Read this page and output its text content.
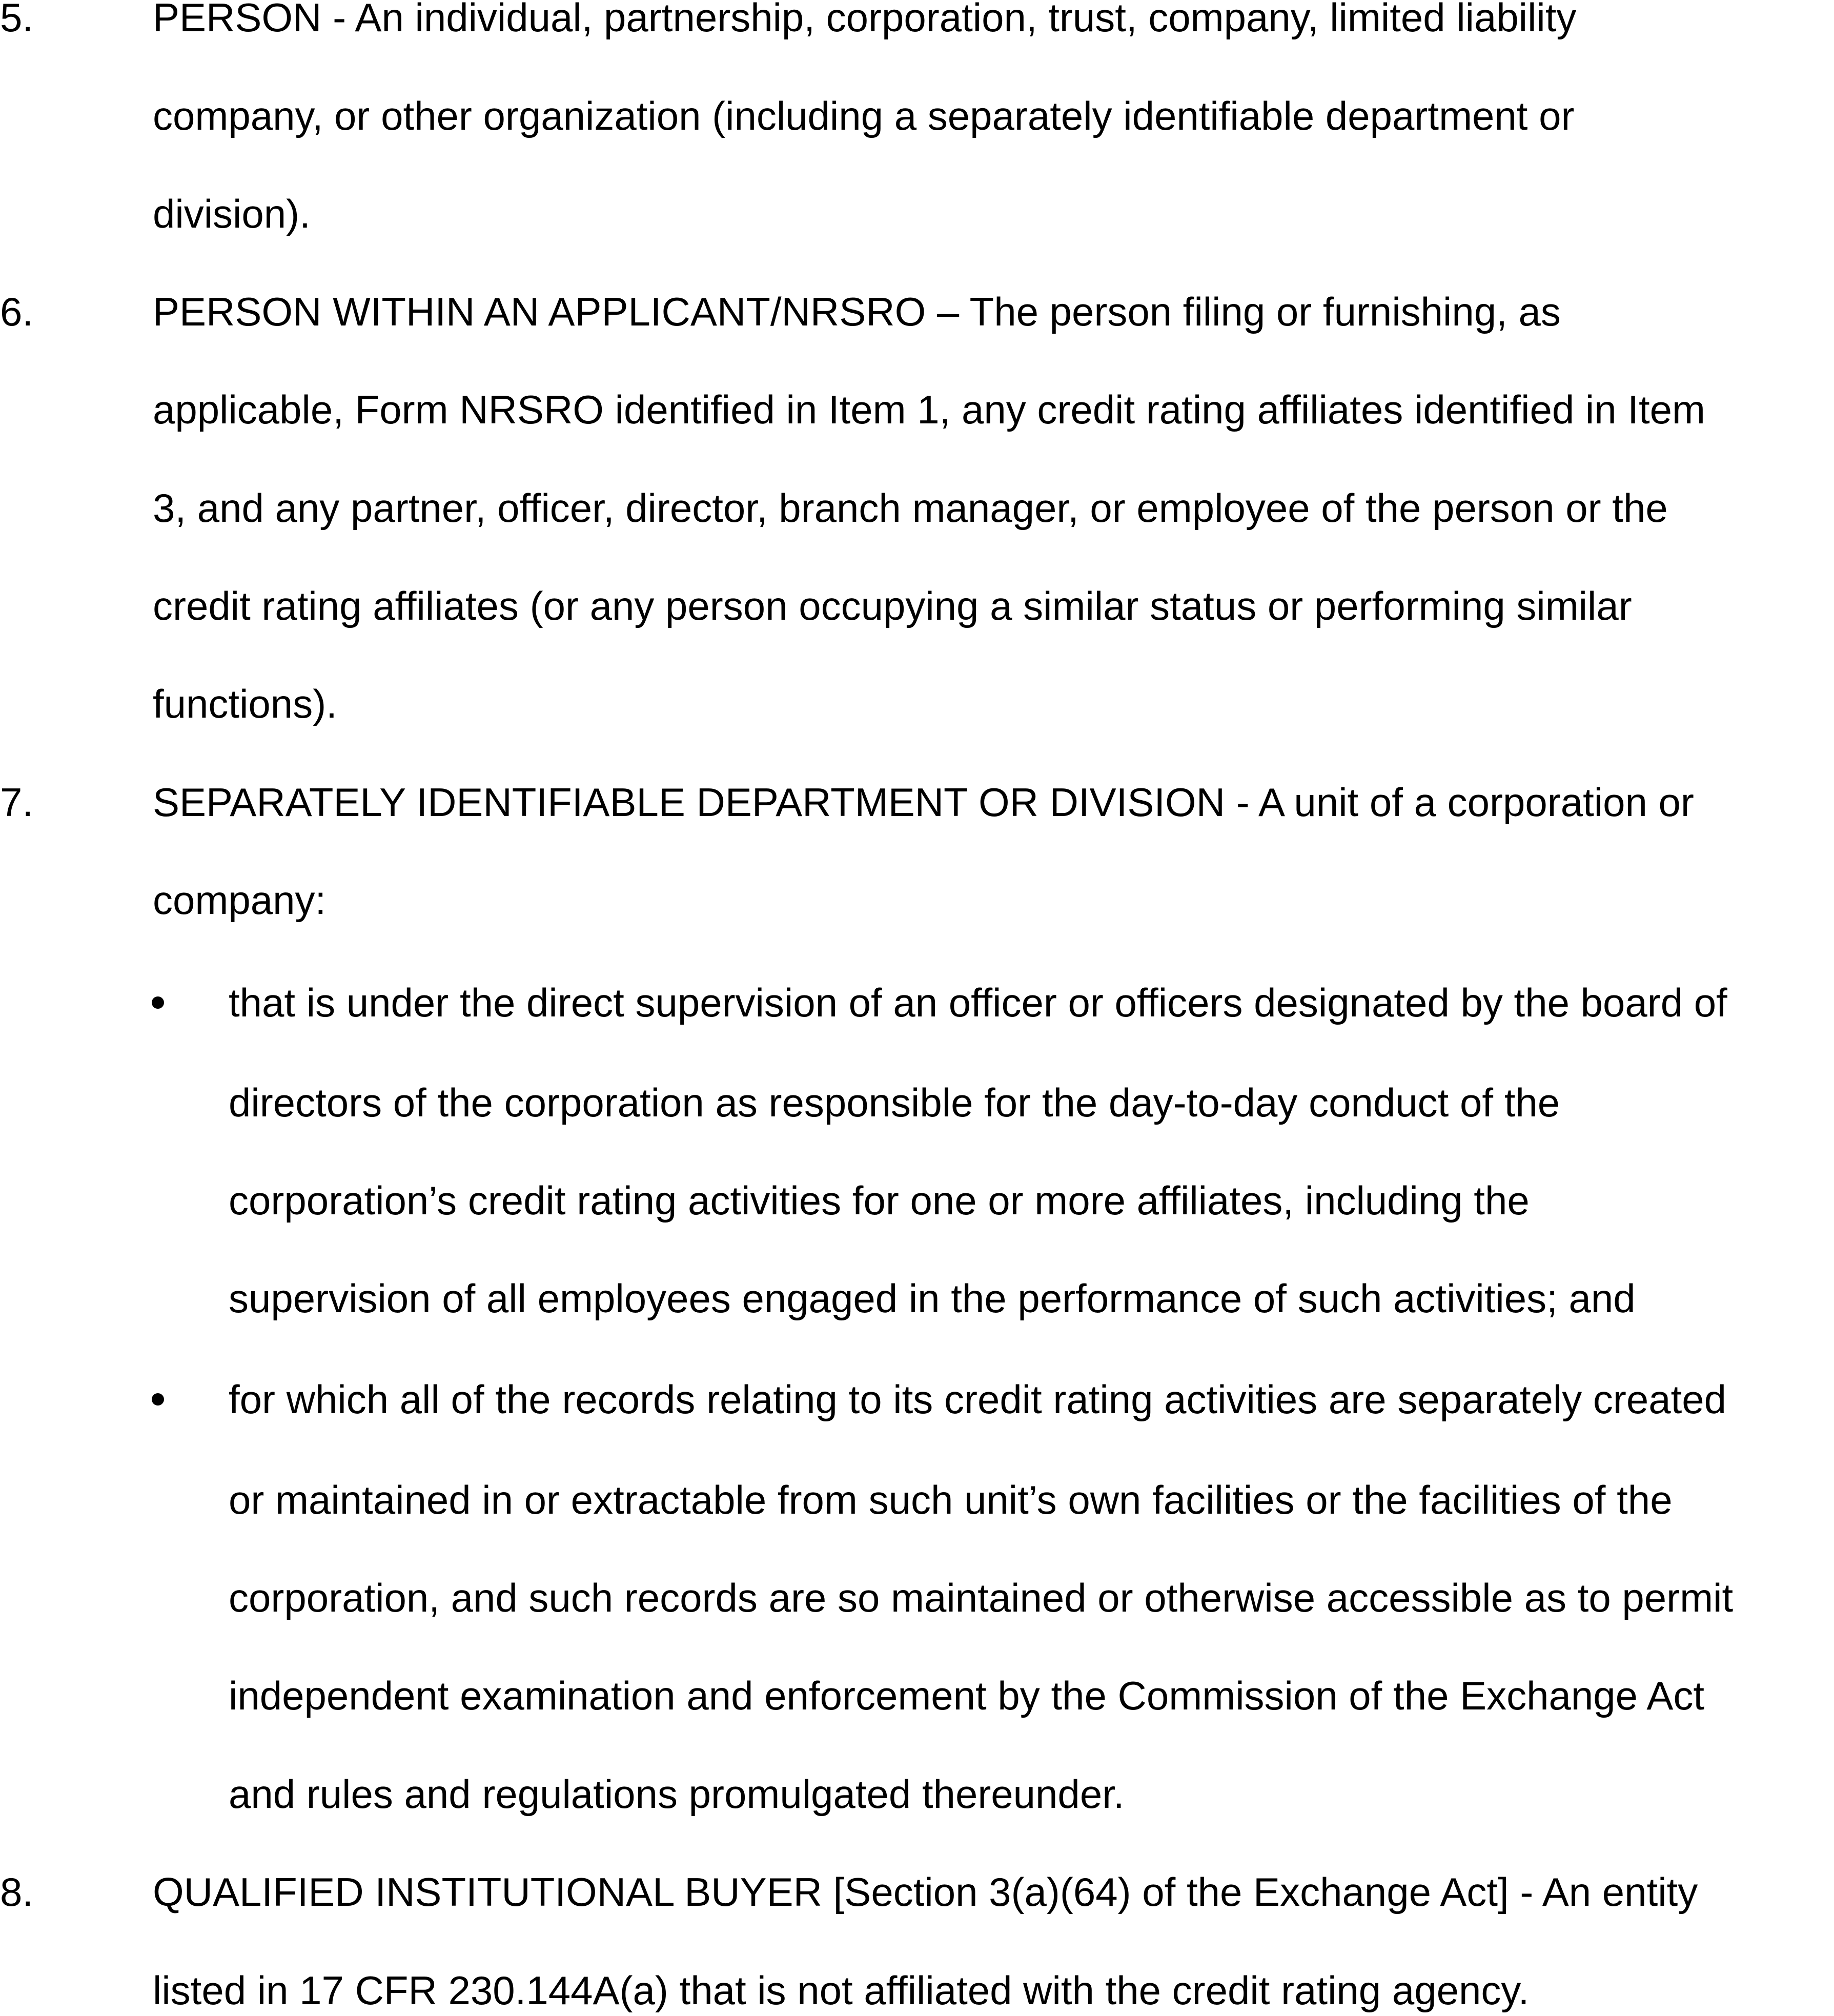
5.	PERSON - An individual, partnership, corporation, trust, company, limited liability
company, or other organization (including a separately identifiable department or
division).
6.	PERSON WITHIN AN APPLICANT/NRSRO – The person filing or furnishing, as
applicable, Form NRSRO identified in Item 1, any credit rating affiliates identified in Item
3, and any partner, officer, director, branch manager, or employee of the person or the
credit rating affiliates (or any person occupying a similar status or performing similar
functions).
7.	SEPARATELY IDENTIFIABLE DEPARTMENT OR DIVISION - A unit of a corporation or
company:
that is under the direct supervision of an officer or officers designated by the board of
directors of the corporation as responsible for the day-to-day conduct of the
corporation’s credit rating activities for one or more affiliates, including the
supervision of all employees engaged in the performance of such activities; and
for which all of the records relating to its credit rating activities are separately created
or maintained in or extractable from such unit’s own facilities or the facilities of the
corporation, and such records are so maintained or otherwise accessible as to permit
independent examination and enforcement by the Commission of the Exchange Act
and rules and regulations promulgated thereunder.
8.	QUALIFIED INSTITUTIONAL BUYER [Section 3(a)(64) of the Exchange Act] - An entity
listed in 17 CFR 230.144A(a) that is not affiliated with the credit rating agency.
